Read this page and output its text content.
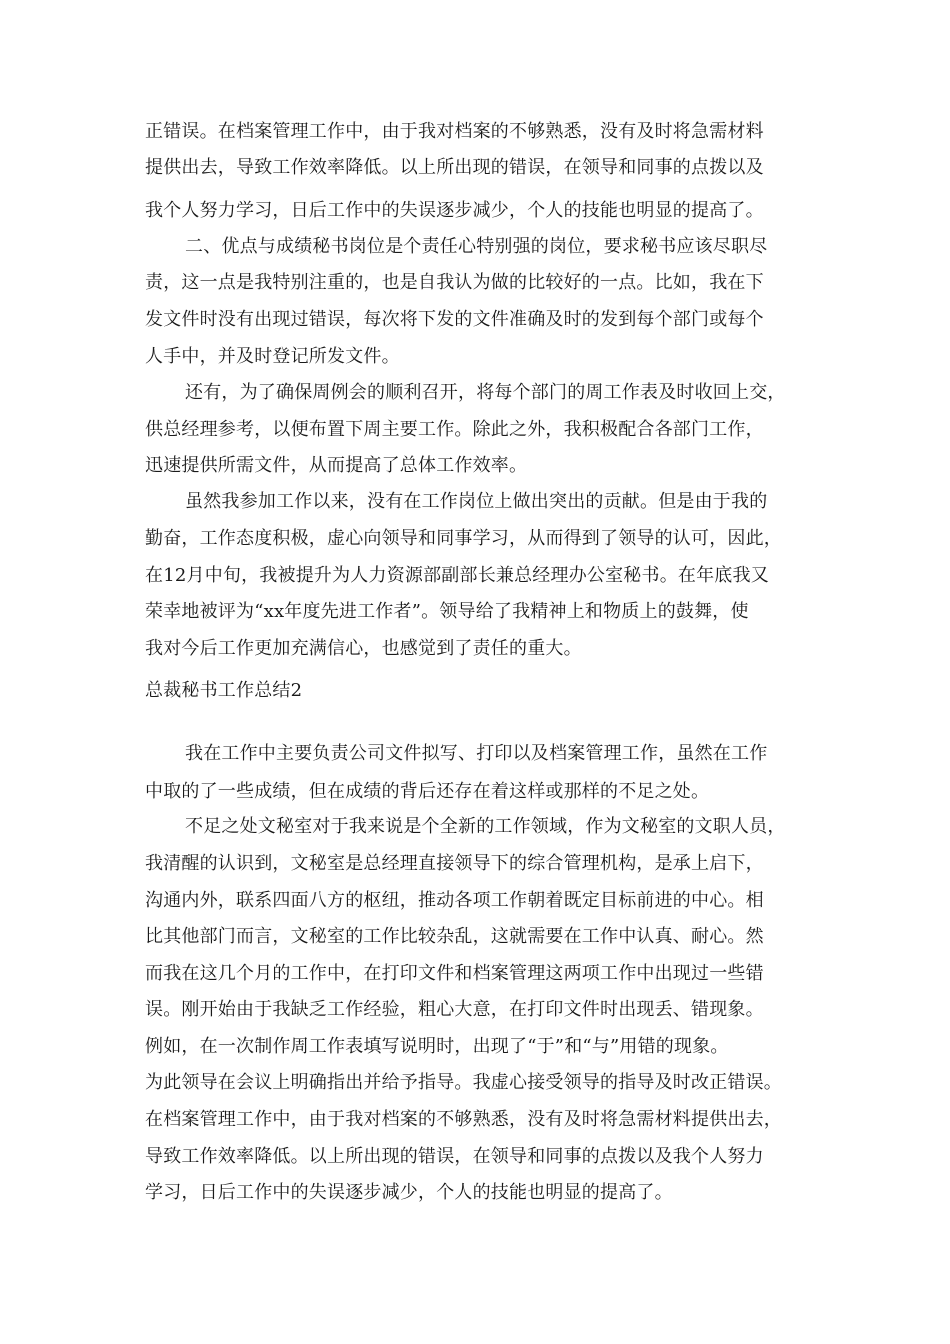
正错误。在档案管理工作中，由于我对档案的不够熟悉，没有及时将急需材料
提供出去，导致工作效率降低。以上所出现的错误，在领导和同事的点拨以及
我个人努力学习，日后工作中的失误逐步减少，个人的技能也明显的提高了。
二、优点与成绩秘书岗位是个责任心特别强的岗位，要求秘书应该尽职尽
责，这一点是我特别注重的，也是自我认为做的比较好的一点。比如，我在下
发文件时没有出现过错误，每次将下发的文件准确及时的发到每个部门或每个
人手中，并及时登记所发文件。
还有，为了确保周例会的顺利召开，将每个部门的周工作表及时收回上交，
供总经理参考，以便布置下周主要工作。除此之外，我积极配合各部门工作，
迅速提供所需文件，从而提高了总体工作效率。
虽然我参加工作以来，没有在工作岗位上做出突出的贡献。但是由于我的
勤奋，工作态度积极，虚心向领导和同事学习，从而得到了领导的认可，因此，
在12月中旬，我被提升为人力资源部副部长兼总经理办公室秘书。在年底我又
荣幸地被评为“xx年度先进工作者”。领导给了我精神上和物质上的鼓舞，使
我对今后工作更加充满信心，也感觉到了责任的重大。
总裁秘书工作总结2
我在工作中主要负责公司文件拟写、打印以及档案管理工作，虽然在工作
中取的了一些成绩，但在成绩的背后还存在着这样或那样的不足之处。
不足之处文秘室对于我来说是个全新的工作领域，作为文秘室的文职人员，
我清醒的认识到，文秘室是总经理直接领导下的综合管理机构，是承上启下，
沟通内外，联系四面八方的枢纽，推动各项工作朝着既定目标前进的中心。相
比其他部门而言，文秘室的工作比较杂乱，这就需要在工作中认真、耐心。然
而我在这几个月的工作中，在打印文件和档案管理这两项工作中出现过一些错
误。刚开始由于我缺乏工作经验，粗心大意，在打印文件时出现丢、错现象。
例如，在一次制作周工作表填写说明时，出现了“于”和“与”用错的现象。
为此领导在会议上明确指出并给予指导。我虚心接受领导的指导及时改正错误。
在档案管理工作中，由于我对档案的不够熟悉，没有及时将急需材料提供出去，
导致工作效率降低。以上所出现的错误，在领导和同事的点拨以及我个人努力
学习，日后工作中的失误逐步减少，个人的技能也明显的提高了。
